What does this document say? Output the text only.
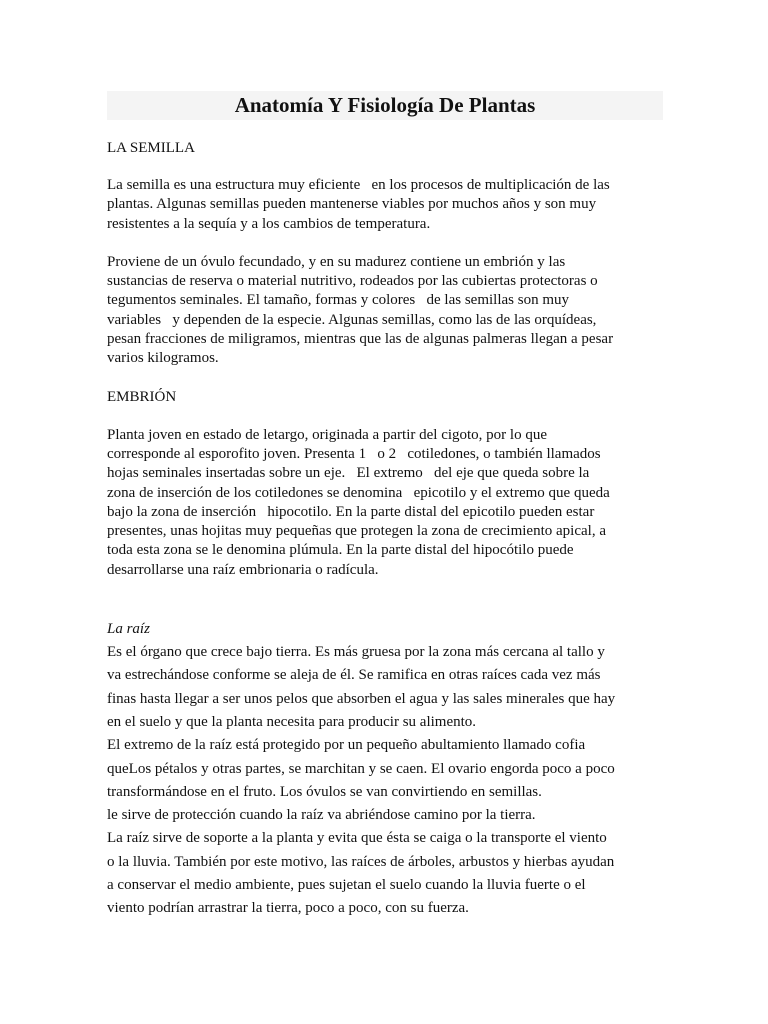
Anatomía Y Fisiología De Plantas

LA SEMILLA

La semilla es una estructura muy eficiente   en los procesos de multiplicación de las
plantas. Algunas semillas pueden mantenerse viables por muchos años y son muy
resistentes a la sequía y a los cambios de temperatura.
Proviene de un óvulo fecundado, y en su madurez contiene un embrión y las
sustancias de reserva o material nutritivo, rodeados por las cubiertas protectoras o
tegumentos seminales. El tamaño, formas y colores   de las semillas son muy
variables   y dependen de la especie. Algunas semillas, como las de las orquídeas,
pesan fracciones de miligramos, mientras que las de algunas palmeras llegan a pesar
varios kilogramos.

EMBRIÓN

Planta joven en estado de letargo, originada a partir del cigoto, por lo que
corresponde al esporofito joven. Presenta 1   o 2   cotiledones, o también llamados
hojas seminales insertadas sobre un eje.   El extremo   del eje que queda sobre la
zona de inserción de los cotiledones se denomina   epicotilo y el extremo que queda
bajo la zona de inserción   hipocotilo. En la parte distal del epicotilo pueden estar
presentes, unas hojitas muy pequeñas que protegen la zona de crecimiento apical, a
toda esta zona se le denomina plúmula. En la parte distal del hipocótilo puede
desarrollarse una raíz embrionaria o radícula.

La raíz

Es el órgano que crece bajo tierra. Es más gruesa por la zona más cercana al tallo y
va estrechándose conforme se aleja de él. Se ramifica en otras raíces cada vez más
finas hasta llegar a ser unos pelos que absorben el agua y las sales minerales que hay
en el suelo y que la planta necesita para producir su alimento.
El extremo de la raíz está protegido por un pequeño abultamiento llamado cofia
queLos pétalos y otras partes, se marchitan y se caen. El ovario engorda poco a poco
transformándose en el fruto. Los óvulos se van convirtiendo en semillas.
le sirve de protección cuando la raíz va abriéndose camino por la tierra.
La raíz sirve de soporte a la planta y evita que ésta se caiga o la transporte el viento
o la lluvia. También por este motivo, las raíces de árboles, arbustos y hierbas ayudan
a conservar el medio ambiente, pues sujetan el suelo cuando la lluvia fuerte o el
viento podrían arrastrar la tierra, poco a poco, con su fuerza.
